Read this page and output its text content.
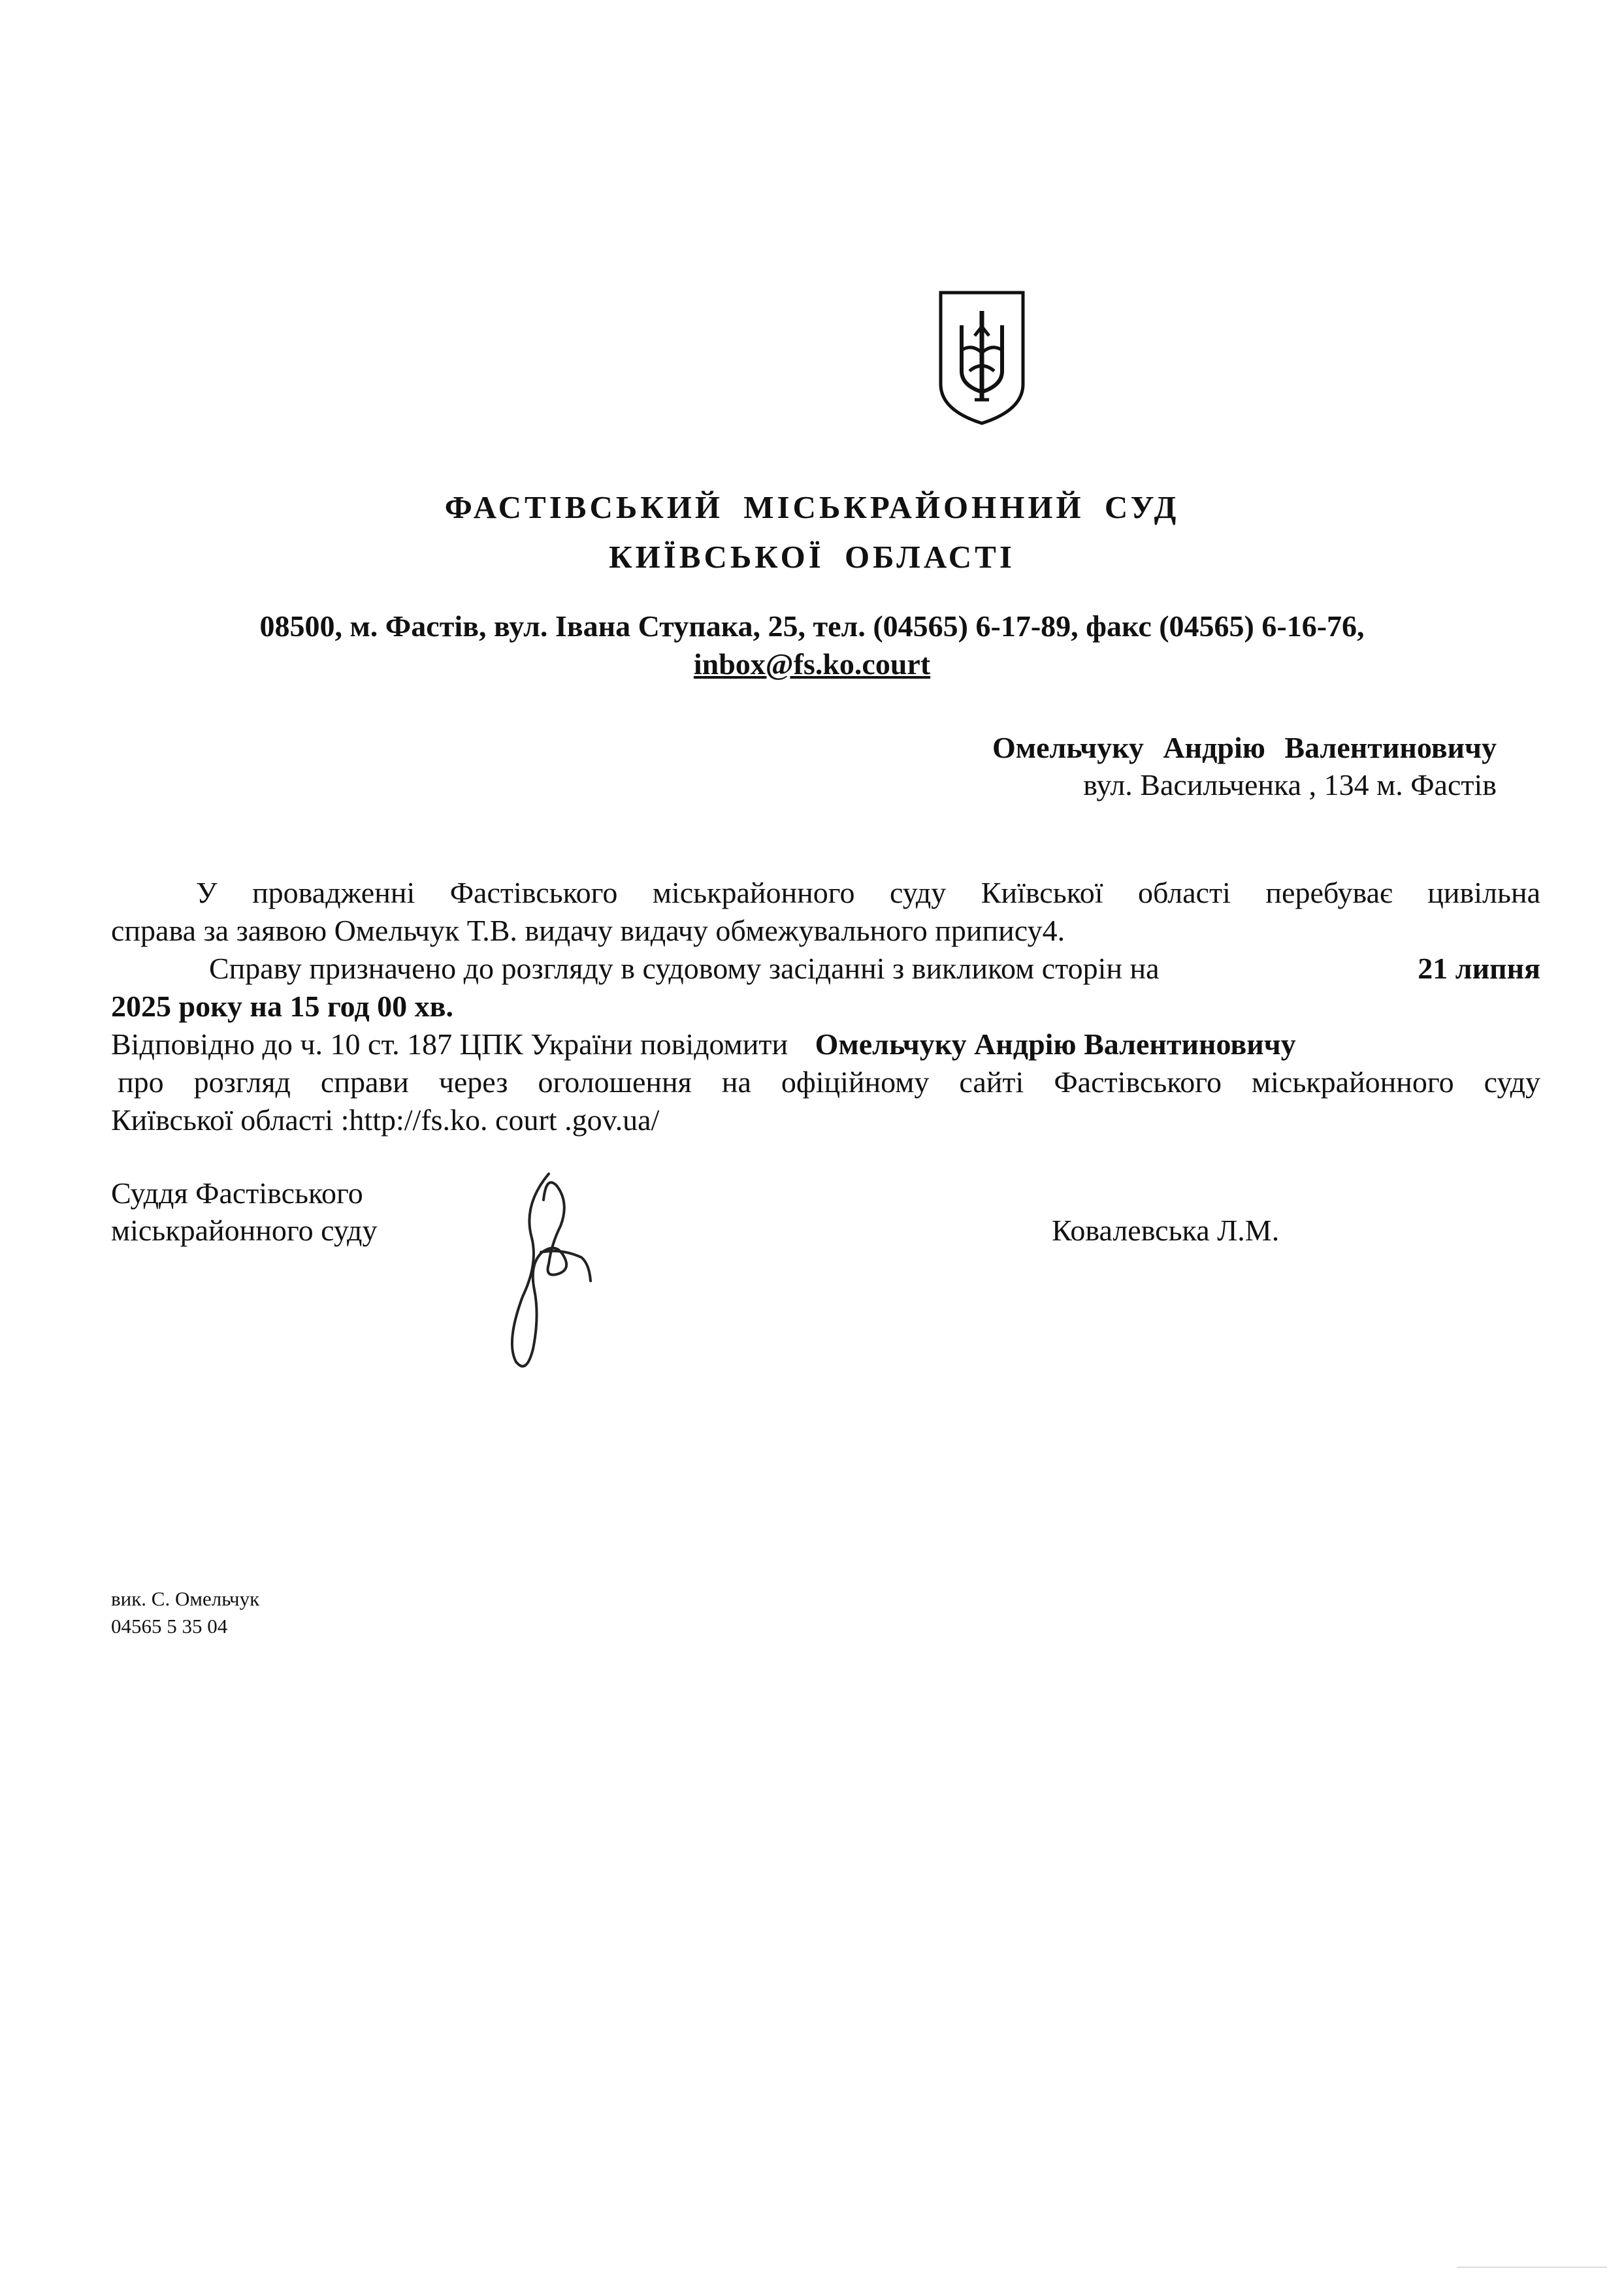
ФАСТІВСЬКИЙ МІСЬКРАЙОННИЙ СУД
КИЇВСЬКОЇ ОБЛАСТІ
08500, м. Фастів, вул. Івана Ступака, 25, тел. (04565) 6-17-89, факс (04565) 6-16-76,
inbox@fs.ko.court
Омельчуку Андрію Валентиновичу
вул. Васильченка , 134 м. Фастів
У провадженні Фастівського міськрайонного суду Київської області перебуває цивільна
справа за заявою Омельчук Т.В. видачу видачу обмежувального припису4.
Справу призначено до розгляду в судовому засіданні з викликом сторін на	21 липня
2025 року на 15 год 00 хв.
Відповідно до ч. 10 ст. 187 ЦПК України повідомити Омельчуку Андрію Валентиновичу
про розгляд справи через оголошення на офіційному сайті Фастівського міськрайонного суду
Київської області :http://fs.ko. court .gov.ua/
Суддя Фастівського
міськрайонного суду	Ковалевська Л.М.
вик. С. Омельчук
04565 5 35 04
